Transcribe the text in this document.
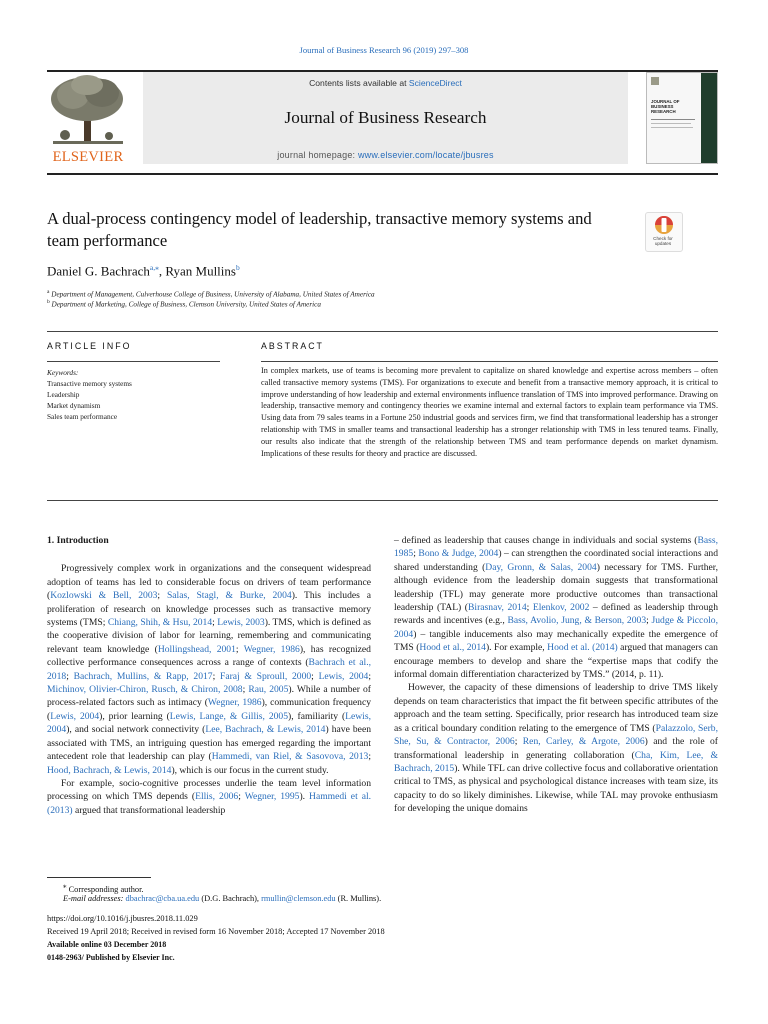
Journal of Business Research 96 (2019) 297–308
ELSEVIER
Contents lists available at ScienceDirect
Journal of Business Research
journal homepage: www.elsevier.com/locate/jbusres
JOURNAL OF BUSINESS RESEARCH
A dual-process contingency model of leadership, transactive memory systems and team performance	Check for updates
Daniel G. Bachrach$^{a,⁎}$, Ryan Mullins$^b$
$^a$ Department of Management, Culverhouse College of Business, University of Alabama, United States of America
$^b$ Department of Marketing, College of Business, Clemson University, United States of America
ARTICLE INFO	ABSTRACT
Keywords:
Transactive memory systems
Leadership
Market dynamism
Sales team performance
In complex markets, use of teams is becoming more prevalent to capitalize on shared knowledge and expertise across members – often called transactive memory systems (TMS). For organizations to execute and benefit from a transactive memory approach, it is critical to improve understanding of how leadership and external environments influence translation of TMS into improved performance. Drawing on leadership, transactive memory and contingency theories we examine internal and external factors to explain team performance via TMS. Using data from 79 sales teams in a Fortune 250 industrial goods and services firm, we find that transformational leadership has a stronger relationship with TMS in smaller teams and transactional leadership has a stronger relationship with TMS in less tenured teams. Finally, our results also indicate that the strength of the relationship between TMS and team performance depends on market dynamism. Implications of these results for theory and practice are discussed.
1. Introduction

Progressively complex work in organizations and the consequent widespread adoption of teams has led to considerable focus on drivers of team performance (Kozlowski & Bell, 2003; Salas, Stagl, & Burke, 2004). This includes a proliferation of research on knowledge processes such as transactive memory systems (TMS; Chiang, Shih, & Hsu, 2014; Lewis, 2003). TMS, which is defined as the cooperative division of labor for learning, remembering and communicating relevant team knowledge (Hollingshead, 2001; Wegner, 1986), has recognized collective performance consequences across a range of contexts (Bachrach et al., 2018; Bachrach, Mullins, & Rapp, 2017; Faraj & Sproull, 2000; Lewis, 2004; Michinov, Olivier-Chiron, Rusch, & Chiron, 2008; Rau, 2005). While a number of process-related factors such as intimacy (Wegner, 1986), communication frequency (Lewis, 2004), prior learning (Lewis, Lange, & Gillis, 2005), familiarity (Lewis, 2004), and social network connectivity (Lee, Bachrach, & Lewis, 2014) have been associated with TMS, an intriguing question has emerged regarding the important antecedent role that leadership can play (Hammedi, van Riel, & Sasovova, 2013; Hood, Bachrach, & Lewis, 2014), which is our focus in the current study.

For example, socio-cognitive processes underlie the team level information processing on which TMS depends (Ellis, 2006; Wegner, 1995). Hammedi et al. (2013) argued that transformational leadership

– defined as leadership that causes change in individuals and social systems (Bass, 1985; Bono & Judge, 2004) – can strengthen the coordinated social interactions and shared understanding (Day, Gronn, & Salas, 2004) necessary for TMS. Further, although evidence from the leadership domain suggests that transformational leadership (TFL) may generate more productive outcomes than transactional leadership (TAL) (Birasnav, 2014; Elenkov, 2002 – defined as leadership through rewards and incentives (e.g., Bass, Avolio, Jung, & Berson, 2003; Judge & Piccolo, 2004) – tangible inducements also may mechanically expedite the emergence of TMS (Hood et al., 2014). For example, Hood et al. (2014) argued that managers can encourage members to develop and share the “expertise maps that codify the informal domain differentiation characterized by TMS.” (2014, p. 11).

However, the capacity of these dimensions of leadership to drive TMS likely depends on team characteristics that impact the fit between specific attributes of the approach and the team setting. Specifically, prior research has introduced team size as a critical boundary condition relating to the emergence of TMS (Palazzolo, Serb, She, Su, & Contractor, 2006; Ren, Carley, & Argote, 2006) and the role of transformational leadership in generating collaboration (Cha, Kim, Lee, & Bachrach, 2015). While TFL can drive collective focus and collaborative orientation critical to TMS, as physical and psychological distance increases with team size, its capacity to do so likely diminishes. Likewise, while TAL may provoke enthusiasm for developing the unique domains

⁎ Corresponding author.
E-mail addresses: dbachrac@cba.ua.edu (D.G. Bachrach), rmullin@clemson.edu (R. Mullins).
https://doi.org/10.1016/j.jbusres.2018.11.029
Received 19 April 2018; Received in revised form 16 November 2018; Accepted 17 November 2018
Available online 03 December 2018
0148-2963/ Published by Elsevier Inc.
